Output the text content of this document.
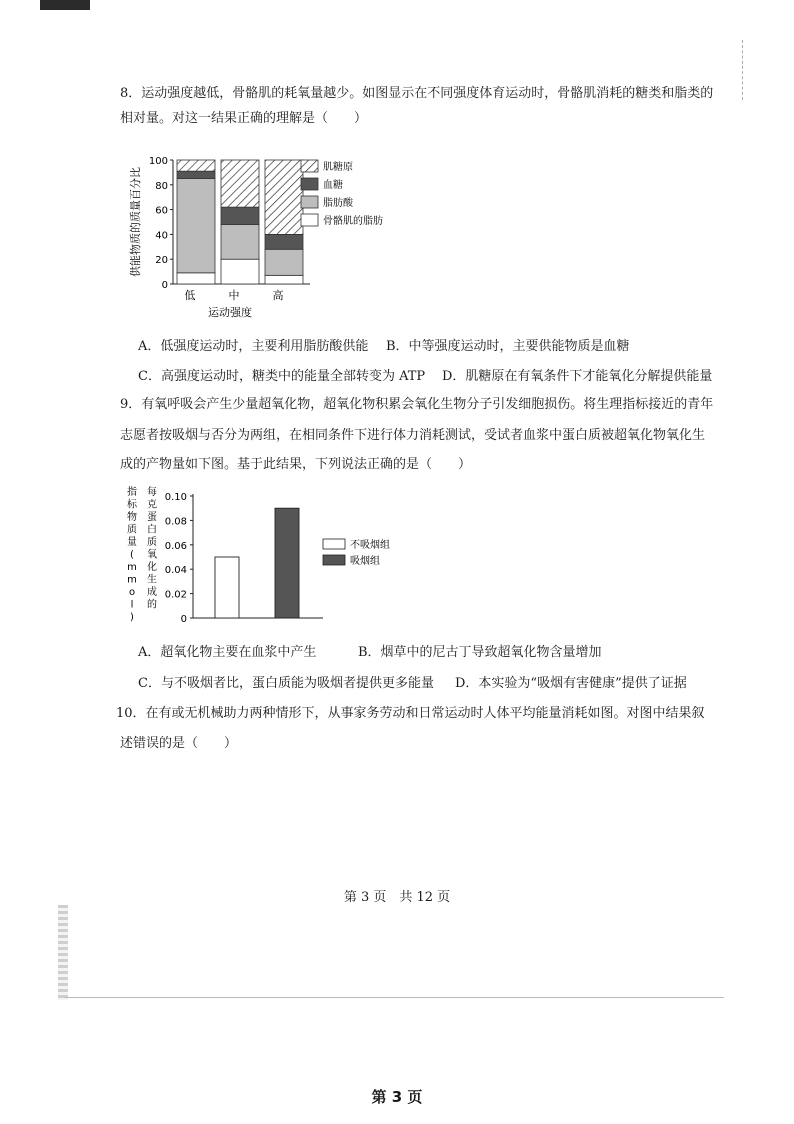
8．运动强度越低，骨骼肌的耗氧量越少。如图显示在不同强度体育运动时，骨骼肌消耗的糖类和脂类的
相对量。对这一结果正确的理解是（　　）
0
20
40
60
80
100
供能物质的质量百分比
低	中	高
运动强度
肌糖原
血糖
脂肪酸
骨骼肌的脂肪
A．低强度运动时，主要利用脂肪酸供能 B．中等强度运动时，主要供能物质是血糖
C．高强度运动时，糖类中的能量全部转变为 ATP D．肌糖原在有氧条件下才能氧化分解提供能量
9．有氧呼吸会产生少量超氧化物，超氧化物积累会氧化生物分子引发细胞损伤。将生理指标接近的青年
志愿者按吸烟与否分为两组，在相同条件下进行体力消耗测试，受试者血浆中蛋白质被超氧化物氧化生
成的产物量如下图。基于此结果，下列说法正确的是（　　）
0
0.02
0.04
0.06
0.08
0.10
指
标
物
质
量
(
m
m
o
l
)
每
克
蛋
白
质
氧
化
生
成
的
不吸烟组
吸烟组
A．超氧化物主要在血浆中产生	B．烟草中的尼古丁导致超氧化物含量增加
C．与不吸烟者比，蛋白质能为吸烟者提供更多能量 D．本实验为“吸烟有害健康”提供了证据
10．在有或无机械助力两种情形下，从事家务劳动和日常运动时人体平均能量消耗如图。对图中结果叙
述错误的是（　　）
第 3 页　共 12 页
第 3 页
